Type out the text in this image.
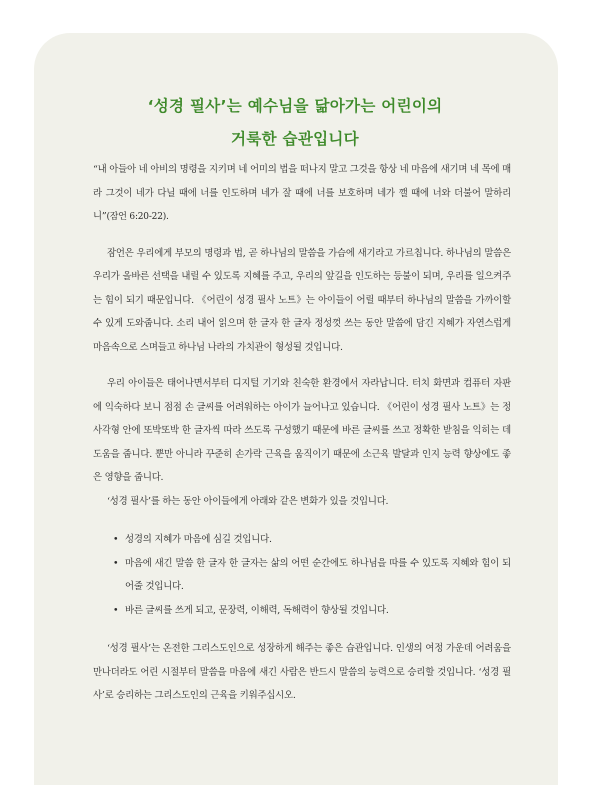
‘성경 필사’는 예수님을 닮아가는 어린이의
거룩한 습관입니다

“내 아들아 네 아비의 명령을 지키며 네 어미의 법을 떠나지 말고 그것을 항상 네 마음에 새기며 네 목에 매라 그것이 네가 다닐 때에 너를 인도하며 네가 잘 때에 너를 보호하며 네가 깰 때에 너와 더불어 말하리니”(잠언 6:20-22).

잠언은 우리에게 부모의 명령과 법, 곧 하나님의 말씀을 가슴에 새기라고 가르칩니다. 하나님의 말씀은 우리가 올바른 선택을 내릴 수 있도록 지혜를 주고, 우리의 앞길을 인도하는 등불이 되며, 우리를 일으켜주는 힘이 되기 때문입니다. 《어린이 성경 필사 노트》는 아이들이 어릴 때부터 하나님의 말씀을 가까이할 수 있게 도와줍니다. 소리 내어 읽으며 한 글자 한 글자 정성껏 쓰는 동안 말씀에 담긴 지혜가 자연스럽게 마음속으로 스며들고 하나님 나라의 가치관이 형성될 것입니다.

우리 아이들은 태어나면서부터 디지털 기기와 친숙한 환경에서 자라납니다. 터치 화면과 컴퓨터 자판에 익숙하다 보니 점점 손 글씨를 어려워하는 아이가 늘어나고 있습니다. 《어린이 성경 필사 노트》는 정사각형 안에 또박또박 한 글자씩 따라 쓰도록 구성했기 때문에 바른 글씨를 쓰고 정확한 받침을 익히는 데 도움을 줍니다. 뿐만 아니라 꾸준히 손가락 근육을 움직이기 때문에 소근육 발달과 인지 능력 향상에도 좋은 영향을 줍니다.

‘성경 필사’를 하는 동안 아이들에게 아래와 같은 변화가 있을 것입니다.

• 성경의 지혜가 마음에 심길 것입니다.
• 마음에 새긴 말씀 한 글자 한 글자는 삶의 어떤 순간에도 하나님을 따를 수 있도록 지혜와 힘이 되어줄 것입니다.
• 바른 글씨를 쓰게 되고, 문장력, 이해력, 독해력이 향상될 것입니다.

‘성경 필사’는 온전한 그리스도인으로 성장하게 해주는 좋은 습관입니다. 인생의 여정 가운데 어려움을 만나더라도 어린 시절부터 말씀을 마음에 새긴 사람은 반드시 말씀의 능력으로 승리할 것입니다. ‘성경 필사’로 승리하는 그리스도인의 근육을 키워주십시오.
